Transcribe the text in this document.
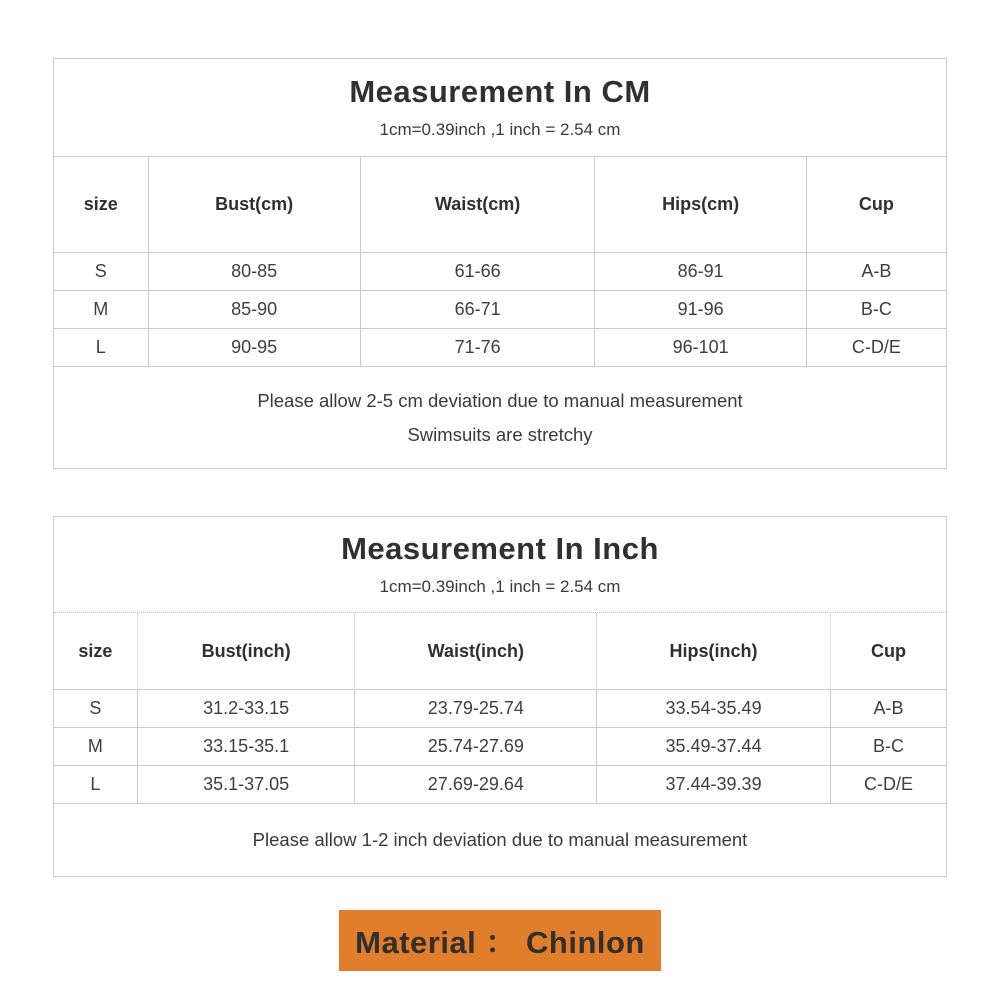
Measurement In CM
1cm=0.39inch ,1 inch = 2.54 cm				

size	Bust(cm)	Waist(cm)	Hips(cm)	Cup
S	80-85	61-66	86-91	A-B
M	85-90	66-71	91-96	B-C
L	90-95	71-76	96-101	C-D/E

Please allow 2-5 cm deviation due to manual measurement
Swimsuits are stretchy				
Measurement In Inch
1cm=0.39inch ,1 inch = 2.54 cm				

size	Bust(inch)	Waist(inch)	Hips(inch)	Cup
S	31.2-33.15	23.79-25.74	33.54-35.49	A-B
M	33.15-35.1	25.74-27.69	35.49-37.44	B-C
L	35.1-37.05	27.69-29.64	37.44-39.39	C-D/E

Please allow 1-2 inch deviation due to manual measurement				
Material ： Chinlon
